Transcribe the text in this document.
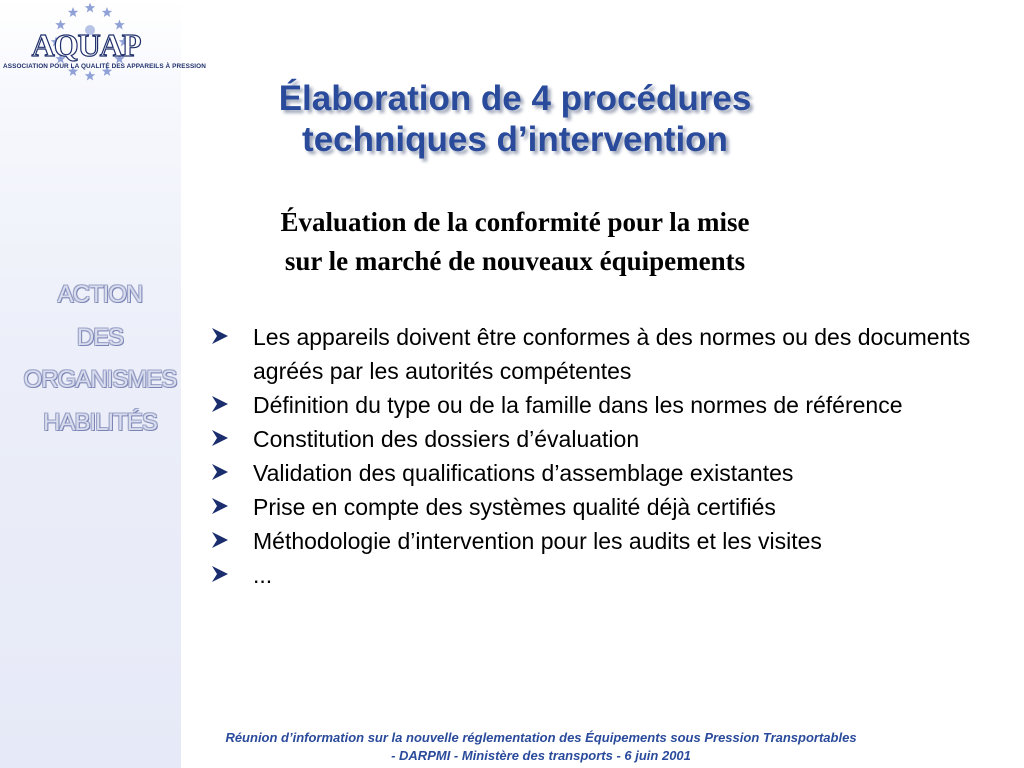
AQUAP
ASSOCIATION POUR LA QUALITÉ DES APPAREILS À PRESSION
ACTION
DES
ORGANISMES
HABILITÉS
Élaboration de 4 procédures
techniques d’intervention
Évaluation de la conformité pour la mise
sur le marché de nouveaux équipements
Les appareils doivent être conformes à des normes ou des documents agréés par les autorités compétentes
Définition du type ou de la famille dans les normes de référence
Constitution des dossiers d’évaluation
Validation des qualifications d’assemblage existantes
Prise en compte des systèmes qualité déjà certifiés
Méthodologie d’intervention pour les audits et les visites
...
Réunion d’information sur la nouvelle réglementation des Équipements sous Pression Transportables
- DARPMI - Ministère des transports - 6 juin 2001
